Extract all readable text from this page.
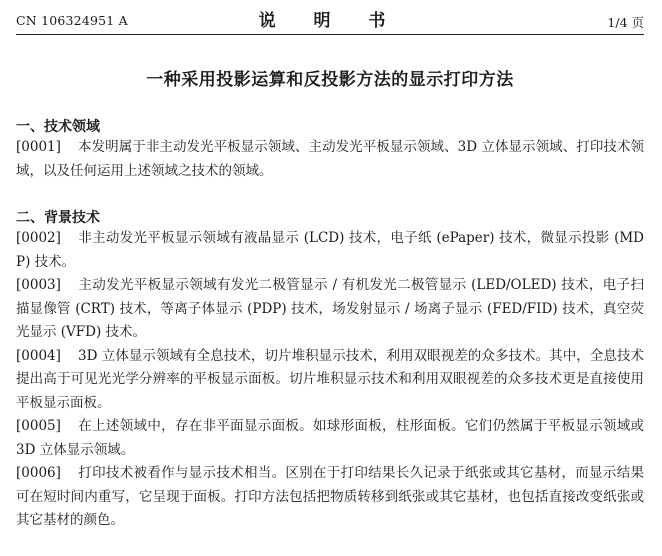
CN 106324951 A	说 明 书	1/4 页
一种采用投影运算和反投影方法的显示打印方法
一、技术领域

[0001] 本发明属于非主动发光平板显示领域、主动发光平板显示领域、3D 立体显示领域、打印技术领域，以及任何运用上述领域之技术的领域。

二、背景技术

[0002] 非主动发光平板显示领域有液晶显示 (LCD) 技术，电子纸 (ePaper) 技术，微显示投影 (MDP) 技术。

[0003] 主动发光平板显示领域有发光二极管显示 / 有机发光二极管显示 (LED/OLED) 技术，电子扫描显像管 (CRT) 技术，等离子体显示 (PDP) 技术，场发射显示 / 场离子显示 (FED/FID) 技术，真空荧光显示 (VFD) 技术。

[0004] 3D 立体显示领域有全息技术，切片堆积显示技术，利用双眼视差的众多技术。其中，全息技术提出高于可见光光学分辨率的平板显示面板。切片堆积显示技术和利用双眼视差的众多技术更是直接使用平板显示面板。

[0005] 在上述领域中，存在非平面显示面板。如球形面板，柱形面板。它们仍然属于平板显示领域或 3D 立体显示领域。

[0006] 打印技术被看作与显示技术相当。区别在于打印结果长久记录于纸张或其它基材，而显示结果可在短时间内重写，它呈现于面板。打印方法包括把物质转移到纸张或其它基材，也包括直接改变纸张或其它基材的颜色。
